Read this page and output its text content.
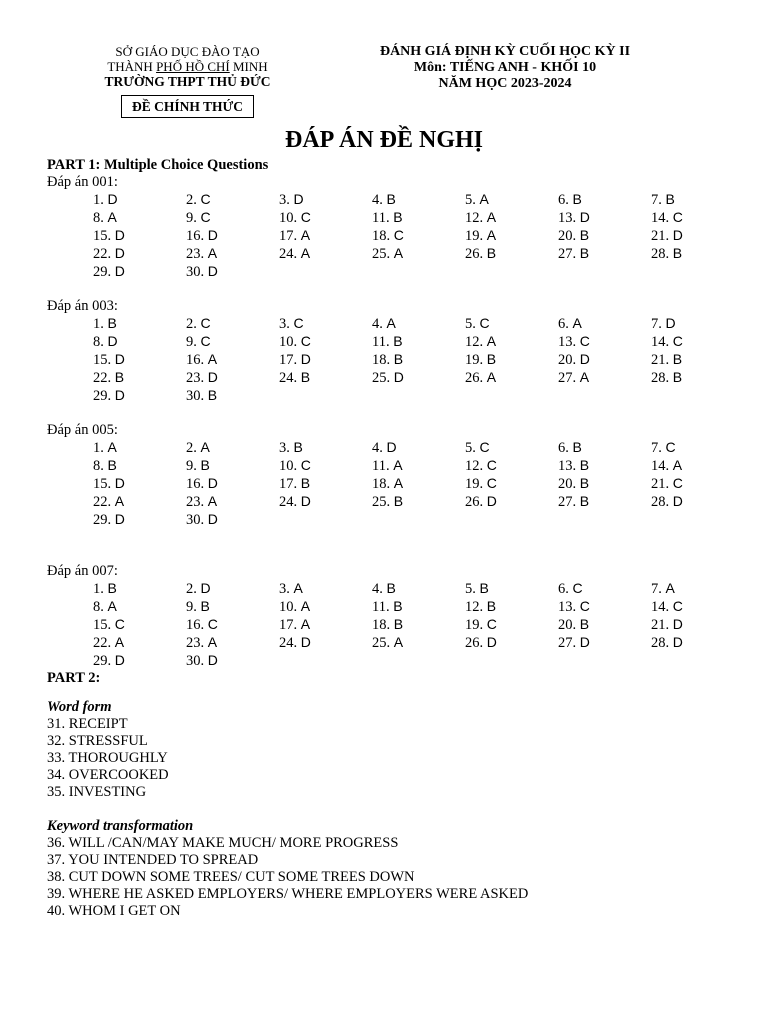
SỞ GIÁO DỤC ĐÀO TẠO
THÀNH PHỐ HỒ CHÍ MINH
TRƯỜNG THPT THỦ ĐỨC
ĐỀ CHÍNH THỨC
ĐÁNH GIÁ ĐỊNH KỲ CUỐI HỌC KỲ II
Môn: TIẾNG ANH - KHỐI 10
NĂM HỌC 2023-2024
ĐÁP ÁN ĐỀ NGHỊ
PART 1: Multiple Choice Questions
Đáp án 001:
1. D	2. C	3. D	4. B	5. A	6. B	7. B
8. A	9. C	10. C	11. B	12. A	13. D	14. C
15. D	16. D	17. A	18. C	19. A	20. B	21. D
22. D	23. A	24. A	25. A	26. B	27. B	28. B
29. D	30. D
Đáp án 003:
1. B	2. C	3. C	4. A	5. C	6. A	7. D
8. D	9. C	10. C	11. B	12. A	13. C	14. C
15. D	16. A	17. D	18. B	19. B	20. D	21. B
22. B	23. D	24. B	25. D	26. A	27. A	28. B
29. D	30. B
Đáp án 005:
1. A	2. A	3. B	4. D	5. C	6. B	7. C
8. B	9. B	10. C	11. A	12. C	13. B	14. A
15. D	16. D	17. B	18. A	19. C	20. B	21. C
22. A	23. A	24. D	25. B	26. D	27. B	28. D
29. D	30. D
Đáp án 007:
1. B	2. D	3. A	4. B	5. B	6. C	7. A
8. A	9. B	10. A	11. B	12. B	13. C	14. C
15. C	16. C	17. A	18. B	19. C	20. B	21. D
22. A	23. A	24. D	25. A	26. D	27. D	28. D
29. D	30. D
PART 2:
Word form
31. RECEIPT
32. STRESSFUL
33. THOROUGHLY
34. OVERCOOKED
35. INVESTING
Keyword transformation
36. WILL /CAN/MAY MAKE MUCH/ MORE PROGRESS
37. YOU INTENDED TO SPREAD
38. CUT DOWN SOME TREES/ CUT SOME TREES DOWN
39. WHERE HE ASKED EMPLOYERS/ WHERE EMPLOYERS WERE ASKED
40. WHOM I GET ON
